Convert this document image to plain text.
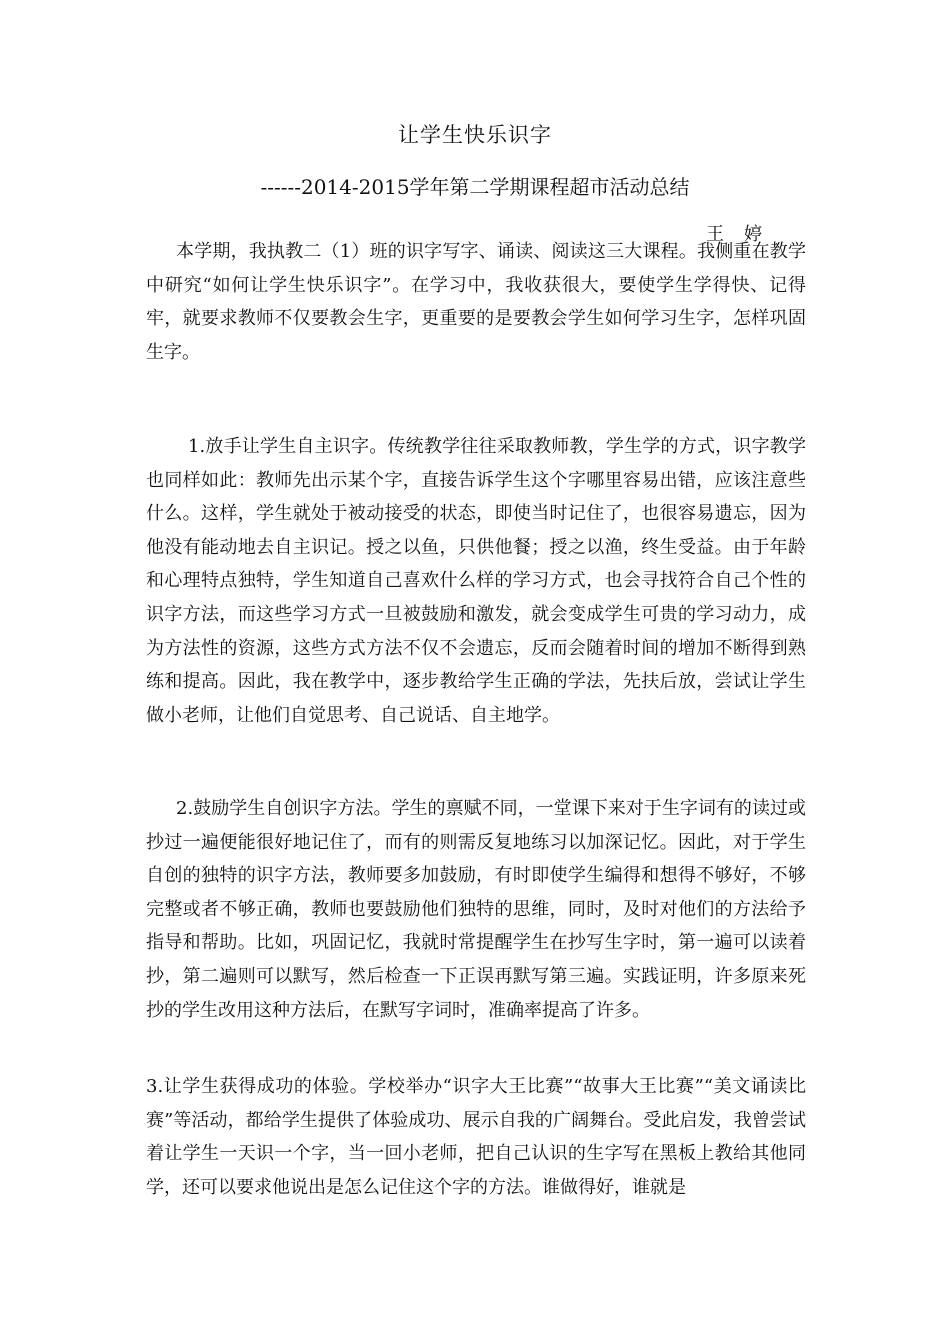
让学生快乐识字
------2014-2015学年第二学期课程超市活动总结
王婷

本学期，我执教二（1）班的识字写字、诵读、阅读这三大课程。我侧重在教学中研究“如何让学生快乐识字”。在学习中，我收获很大，要使学生学得快、记得牢，就要求教师不仅要教会生字，更重要的是要教会学生如何学习生字，怎样巩固生字。

1.放手让学生自主识字。传统教学往往采取教师教，学生学的方式，识字教学也同样如此：教师先出示某个字，直接告诉学生这个字哪里容易出错，应该注意些什么。这样，学生就处于被动接受的状态，即使当时记住了，也很容易遗忘，因为他没有能动地去自主识记。授之以鱼，只供他餐；授之以渔，终生受益。由于年龄和心理特点独特，学生知道自己喜欢什么样的学习方式，也会寻找符合自己个性的识字方法，而这些学习方式一旦被鼓励和激发，就会变成学生可贵的学习动力，成为方法性的资源，这些方式方法不仅不会遗忘，反而会随着时间的增加不断得到熟练和提高。因此，我在教学中，逐步教给学生正确的学法，先扶后放，尝试让学生做小老师，让他们自觉思考、自己说话、自主地学。

2.鼓励学生自创识字方法。学生的禀赋不同，一堂课下来对于生字词有的读过或抄过一遍便能很好地记住了，而有的则需反复地练习以加深记忆。因此，对于学生自创的独特的识字方法，教师要多加鼓励，有时即使学生编得和想得不够好，不够完整或者不够正确，教师也要鼓励他们独特的思维，同时，及时对他们的方法给予指导和帮助。比如，巩固记忆，我就时常提醒学生在抄写生字时，第一遍可以读着抄，第二遍则可以默写，然后检查一下正误再默写第三遍。实践证明，许多原来死抄的学生改用这种方法后，在默写字词时，准确率提高了许多。

3.让学生获得成功的体验。学校举办“识字大王比赛”“故事大王比赛”“美文诵读比赛”等活动，都给学生提供了体验成功、展示自我的广阔舞台。受此启发，我曾尝试着让学生一天识一个字，当一回小老师，把自己认识的生字写在黑板上教给其他同学，还可以要求他说出是怎么记住这个字的方法。谁做得好，谁就是
